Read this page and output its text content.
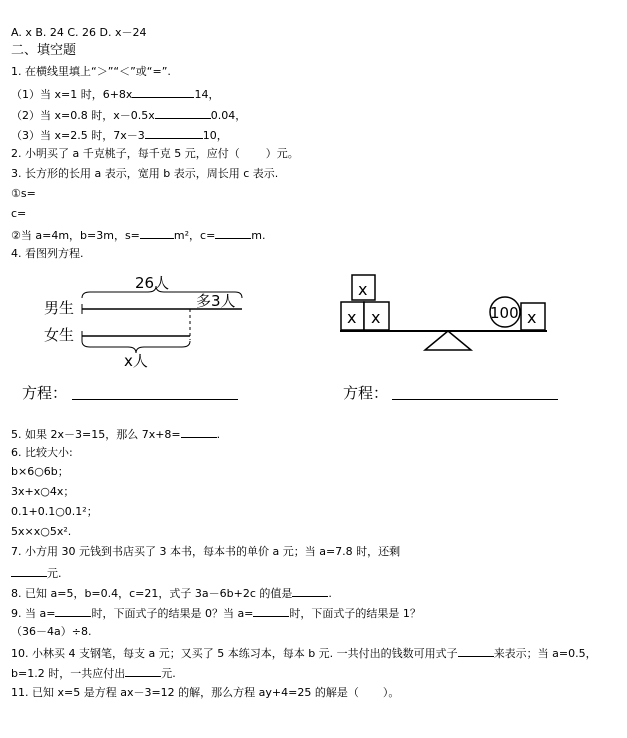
A. x B. 24 C. 26 D. x－24
二、填空题
1. 在横线里填上“＞”“＜”或“=”.
（1）当 x=1 时，6+8x	14，
（2）当 x=0.8 时，x－0.5x	0.04，
（3）当 x=2.5 时，7x－3	10，
2. 小明买了 a 千克桃子，每千克 5 元，应付（ ）元。
3. 长方形的长用 a 表示，宽用 b 表示，周长用 c 表示.
①s=
c=
②当 a=4m，b=3m，s=	m²，c=	m.
4. 看图列方程.
26人
男生	多3人
女生
x人
x
x x	100 x
方程：	方程：
5. 如果 2x－3=15，那么 7x+8=	.
6. 比较大小:
b×6○6b；
3x+x○4x；
0.1+0.1○0.1²；
5x×x○5x².
7. 小方用 30 元钱到书店买了 3 本书，每本书的单价 a 元；当 a=7.8 时，还剩
元.
8. 已知 a=5，b=0.4，c=21，式子 3a－6b+2c 的值是	.
9. 当 a=	时，下面式子的结果是 0？当 a=	时，下面式子的结果是 1？
（36－4a）÷8.
10. 小林买 4 支钢笔，每支 a 元；又买了 5 本练习本，每本 b 元. 一共付出的钱数可用式子	来表示；当 a=0.5，
b=1.2 时，一共应付出	元.
11. 已知 x=5 是方程 ax－3=12 的解，那么方程 ay+4=25 的解是（ ）。
